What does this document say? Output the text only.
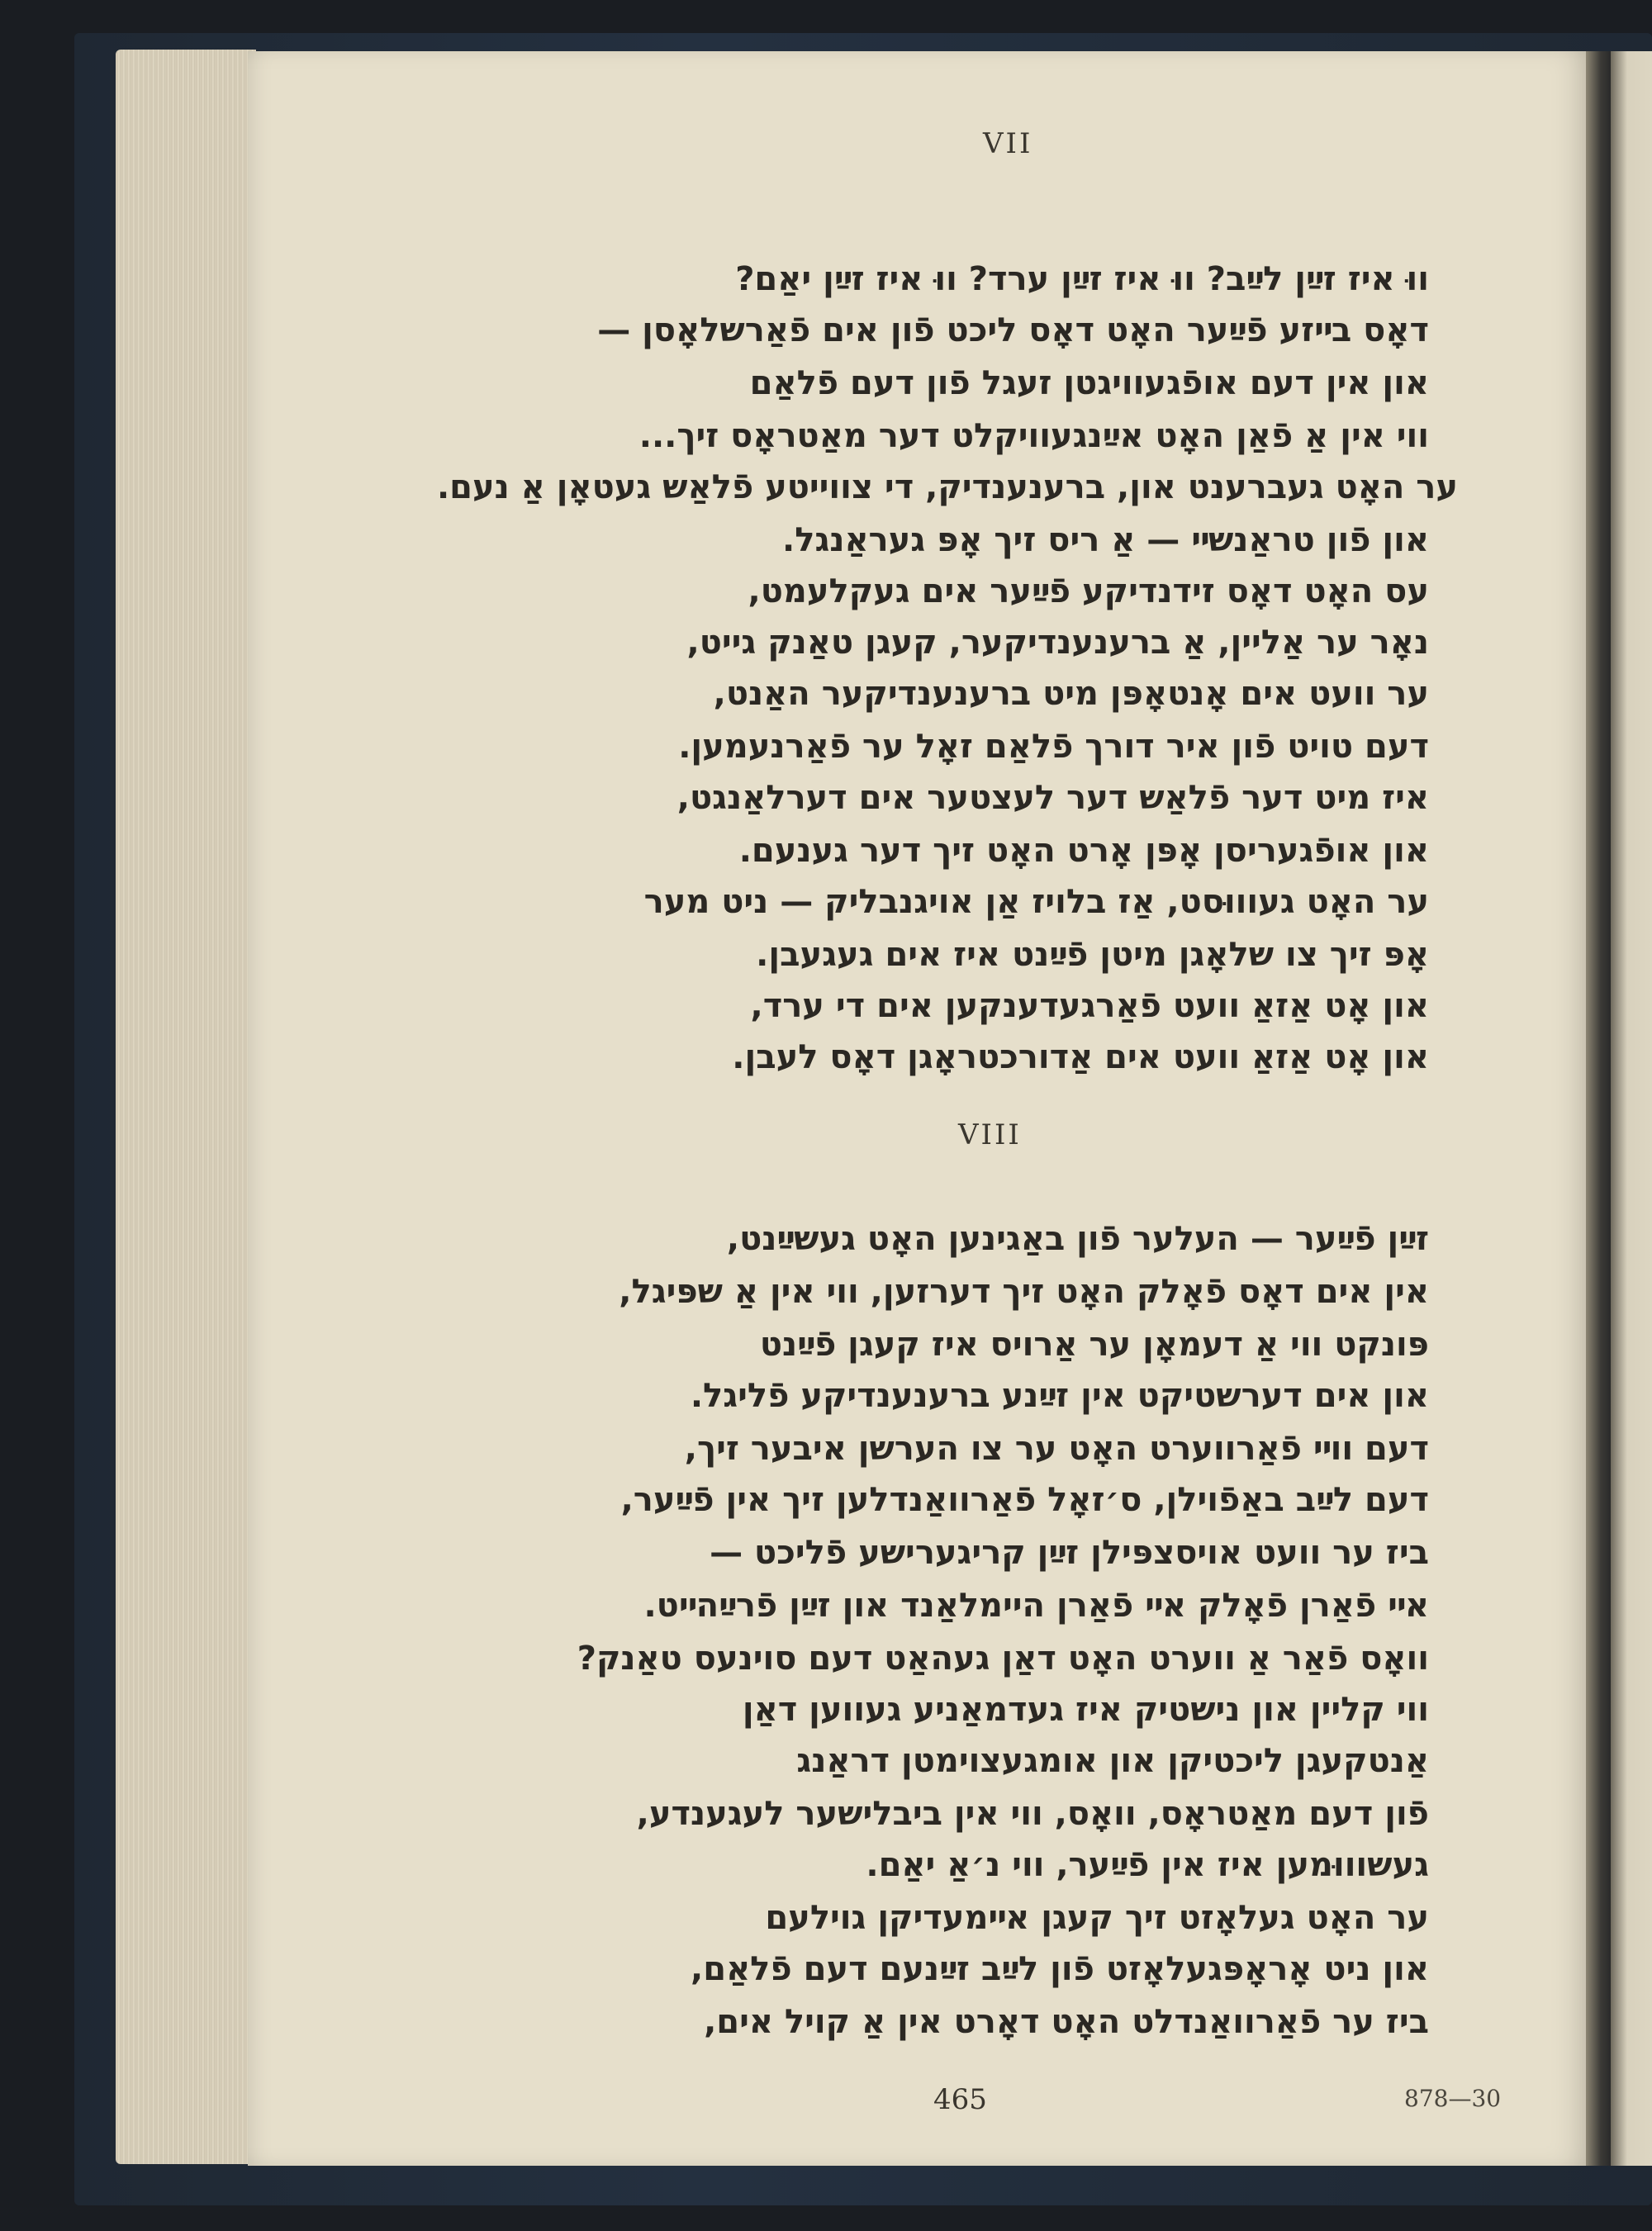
VII
ווּ איז זײַן לײַב? ווּ איז זײַן ערד? ווּ איז זײַן יאַם?
דאָס בײזע פֿײַער האָט דאָס ליכט פֿון אים פֿאַרשלאָסן —
און אין דעם אופֿגעוויגטן זעגל פֿון דעם פֿלאַם
ווי אין אַ פֿאַן האָט אײַנגעוויקלט דער מאַטראָס זיך...
ער האָט געברענט און, ברענענדיק, די צווייטע פֿלאַש געטאָן אַ נעם.
און פֿון טראַנשײ — אַ ריס זיך אָפּ געראַנגל.
עס האָט דאָס זידנדיקע פֿײַער אים געקלעמט,
נאָר ער אַליין, אַ ברענענדיקער, קעגן טאַנק גייט,
ער וועט אים אָנטאָפּן מיט ברענענדיקער האַנט,
דעם טויט פֿון איר דורך פֿלאַם זאָל ער פֿאַרנעמען.
איז מיט דער פֿלאַש דער לעצטער אים דערלאַנגט,
און אופֿגעריסן אָפּן אָרט האָט זיך דער גענעם.
ער האָט געוווּסט, אַז בלויז אַן אויגנבליק — ניט מער
אָפּ זיך צו שלאָגן מיטן פֿײַנט איז אים געגעבן.
און אָט אַזאַ וועט פֿאַרגעדענקען אים די ערד,
און אָט אַזאַ וועט אים אַדורכטראָגן דאָס לעבן.
VIII
זײַן פֿײַער — העלער פֿון באַגינען האָט געשײַנט,
אין אים דאָס פֿאָלק האָט זיך דערזען, ווי אין אַ שפּיגל,
פּונקט ווי אַ דעמאָן ער אַרויס איז קעגן פֿײַנט
און אים דערשטיקט אין זײַנע ברענענדיקע פֿליגל.
דעם ווײ פֿאַרווערט האָט ער צו הערשן איבער זיך,
דעם לײַב באַפֿוילן, ס׳זאָל פֿאַרוואַנדלען זיך אין פֿײַער,
ביז ער וועט אויסצפּילן זײַן קריגערישע פֿליכט —
אײ פֿאַרן פֿאָלק אײ פֿאַרן היימלאַנד און זײַן פֿרײַהײט.
וואָס פֿאַר אַ ווערט האָט דאַן געהאַט דעם סוינעס טאַנק?
ווי קליין און נישטיק איז געדמאַניע געווען דאַן
אַנטקעגן ליכטיקן און אומגעצוימטן דראַנג
פֿון דעם מאַטראָס, וואָס, ווי אין ביבלישער לעגענדע,
געשוווּמען איז אין פֿײַער, ווי נ׳אַ יאַם.
ער האָט געלאָזט זיך קעגן אײמעדיקן גוילעם
און ניט אָראָפּגעלאָזט פֿון לײַב זײַנעם דעם פֿלאַם,
ביז ער פֿאַרוואַנדלט האָט דאָרט אין אַ קויל אים,
465	878—30
